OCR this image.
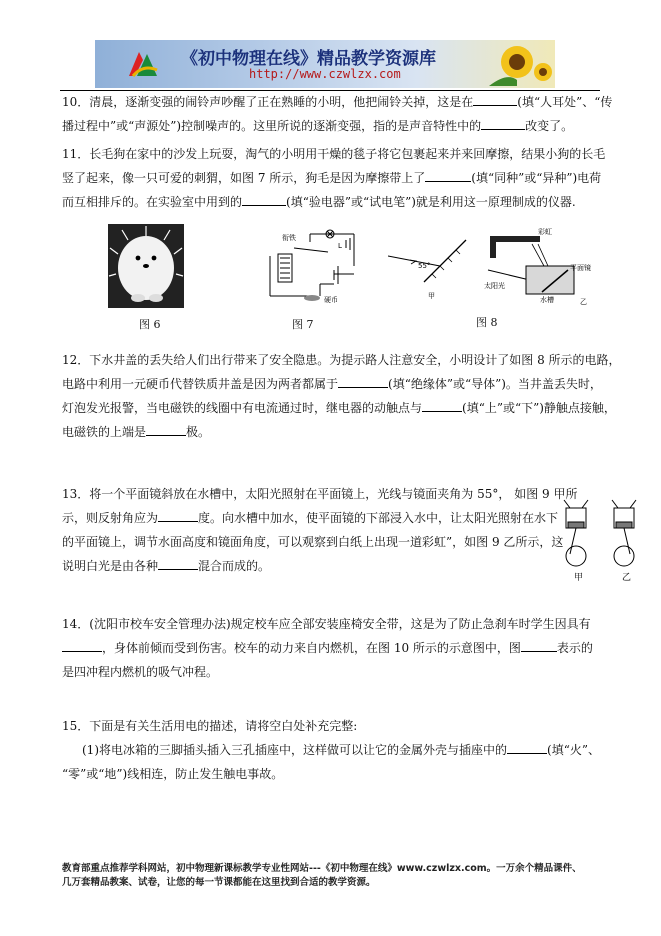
《初中物理在线》精品教学资源库
http://www.czwlzx.com
10．清晨，逐渐变强的闹铃声吵醒了正在熟睡的小明，他把闹铃关掉，这是在	(填“人耳处”、“传
播过程中”或“声源处”)控制噪声的。这里所说的逐渐变强，指的是声音特性中的	改变了。
11．长毛狗在家中的沙发上玩耍，淘气的小明用干燥的毯子将它包裹起来并来回摩擦，结果小狗的长毛
竖了起来，像一只可爱的刺猬，如图 7 所示，狗毛是因为摩擦带上了	(填“同种”或“异种”)电荷
而互相排斥的。在实验室中用到的	(填“验电器”或“试电笔”)就是利用这一原理制成的仪器.
图 6
衔铁
L
硬币
图 7
55°
甲
彩虹
平面镜
太阳光
水槽	乙
图 8
12．下水井盖的丢失给人们出行带来了安全隐患。为提示路人注意安全，小明设计了如图 8 所示的电路，
电路中利用一元硬币代替铁质井盖是因为两者都属于	(填“绝缘体”或“导体”)。当井盖丢失时，
灯泡发光报警，当电磁铁的线圈中有电流通过时，继电器的动触点与	(填“上”或“下”)静触点接触，
电磁铁的上端是	极。
13．将一个平面镜斜放在水槽中，太阳光照射在平面镜上，光线与镜面夹角为 55°， 如图 9 甲所
示，则反射角应为	度。向水槽中加水，使平面镜的下部浸入水中，让太阳光照射在水下
的平面镜上，调节水面高度和镜面角度，可以观察到白纸上出现一道彩虹”，如图 9 乙所示，这
说明白光是由各种	混合而成的。
甲	乙
14．(沈阳市校车安全管理办法)规定校车应全部安装座椅安全带，这是为了防止急刹车时学生因具有
，身体前倾而受到伤害。校车的动力来自内燃机，在图 10 所示的示意图中，图	表示的
是四冲程内燃机的吸气冲程。
15．下面是有关生活用电的描述，请将空白处补充完整:
(1)将电冰箱的三脚插头插入三孔插座中，这样做可以让它的金属外壳与插座中的	(填“火”、
“零”或“地”)线相连，防止发生触电事故。
教育部重点推荐学科网站，初中物理新课标教学专业性网站---《初中物理在线》www.czwlzx.com。一万余个精品课件、
几万套精品教案、试卷，让您的每一节课都能在这里找到合适的教学资源。
